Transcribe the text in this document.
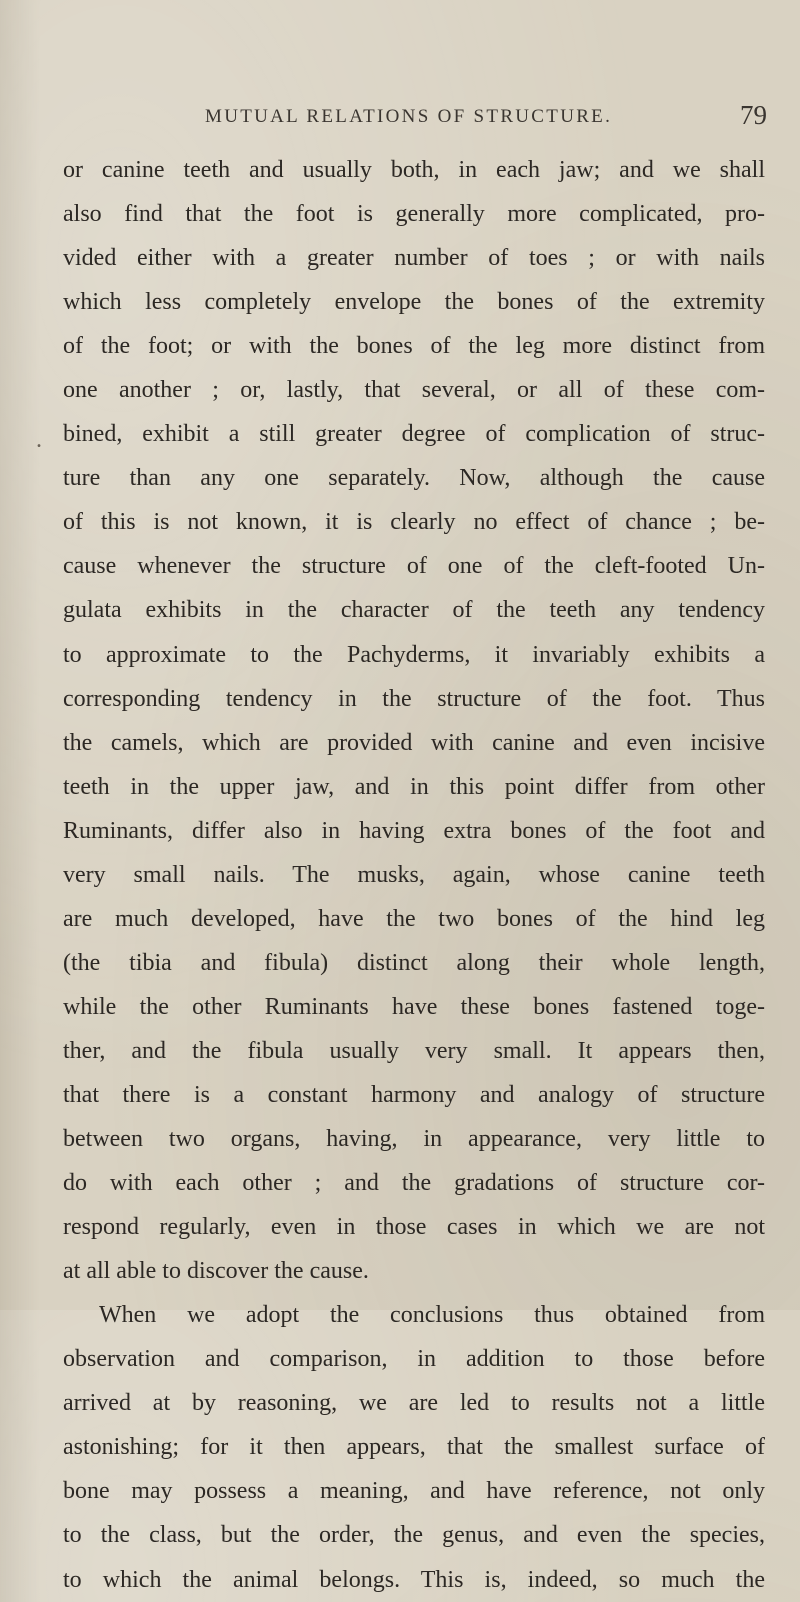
MUTUAL RELATIONS OF STRUCTURE.	79
.
or canine teeth and usually both, in each jaw; and we shall
also find that the foot is generally more complicated, pro-
vided either with a greater number of toes ; or with nails
which less completely envelope the bones of the extremity
of the foot; or with the bones of the leg more distinct from
one another ; or, lastly, that several, or all of these com-
bined, exhibit a still greater degree of complication of struc-
ture than any one separately. Now, although the cause
of this is not known, it is clearly no effect of chance ; be-
cause whenever the structure of one of the cleft-footed Un-
gulata exhibits in the character of the teeth any tendency
to approximate to the Pachyderms, it invariably exhibits a
corresponding tendency in the structure of the foot. Thus
the camels, which are provided with canine and even incisive
teeth in the upper jaw, and in this point differ from other
Ruminants, differ also in having extra bones of the foot and
very small nails. The musks, again, whose canine teeth
are much developed, have the two bones of the hind leg
(the tibia and fibula) distinct along their whole length,
while the other Ruminants have these bones fastened toge-
ther, and the fibula usually very small. It appears then,
that there is a constant harmony and analogy of structure
between two organs, having, in appearance, very little to
do with each other ; and the gradations of structure cor-
respond regularly, even in those cases in which we are not
at all able to discover the cause.
When we adopt the conclusions thus obtained from
observation and comparison, in addition to those before
arrived at by reasoning, we are led to results not a little
astonishing; for it then appears, that the smallest surface of
bone may possess a meaning, and have reference, not only
to the class, but the order, the genus, and even the species,
to which the animal belongs. This is, indeed, so much the
